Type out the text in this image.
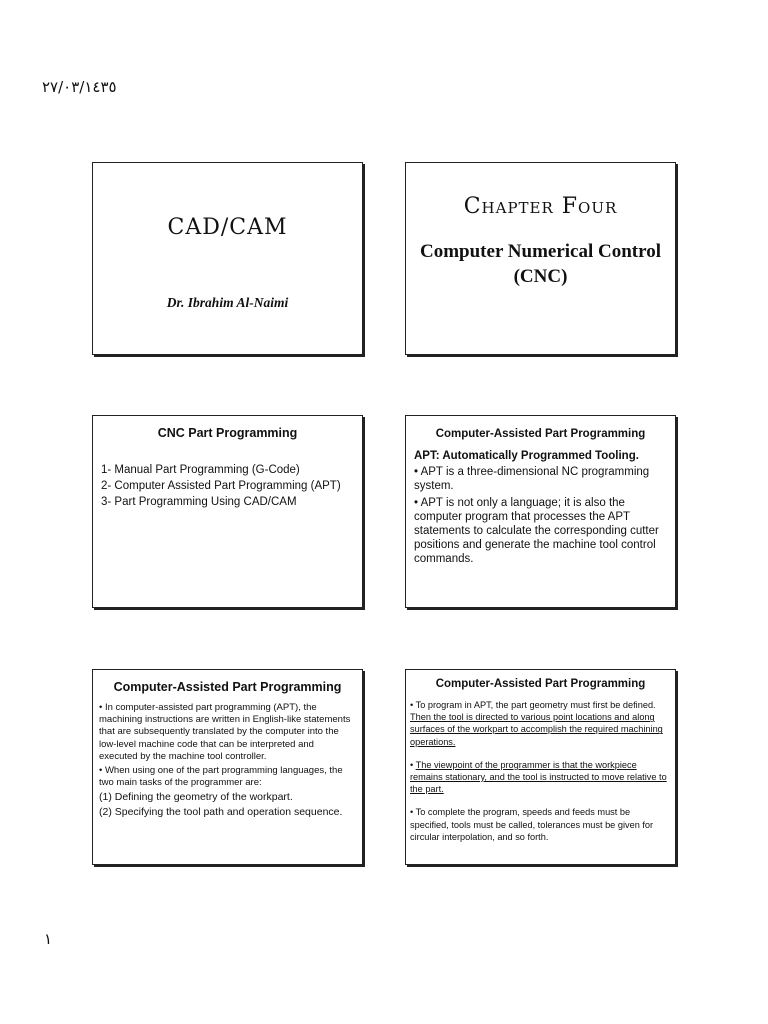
٢٧/٠٣/١٤٣٥
CAD/CAM
Dr. Ibrahim Al-Naimi
Chapter Four
Computer Numerical Control (CNC)
CNC Part Programming
1- Manual Part Programming (G-Code)
2- Computer Assisted Part Programming (APT)
3- Part Programming Using CAD/CAM
Computer-Assisted Part Programming
APT: Automatically Programmed Tooling.

• APT is a three-dimensional NC programming system.

• APT is not only a language; it is also the computer program that processes the APT statements to calculate the corresponding cutter positions and generate the machine tool control commands.

Computer-Assisted Part Programming

• In computer-assisted part programming (APT), the machining instructions are written in English-like statements that are subsequently translated by the computer into the low-level machine code that can be interpreted and executed by the machine tool controller.

• When using one of the part programming languages, the two main tasks of the programmer are:

(1) Defining the geometry of the workpart.

(2) Specifying the tool path and operation sequence.

Computer-Assisted Part Programming

• To program in APT, the part geometry must first be defined. Then the tool is directed to various point locations and along surfaces of the workpart to accomplish the required machining operations.

• The viewpoint of the programmer is that the workpiece remains stationary, and the tool is instructed to move relative to the part.

• To complete the program, speeds and feeds must be specified, tools must be called, tolerances must be given for circular interpolation, and so forth.

١
